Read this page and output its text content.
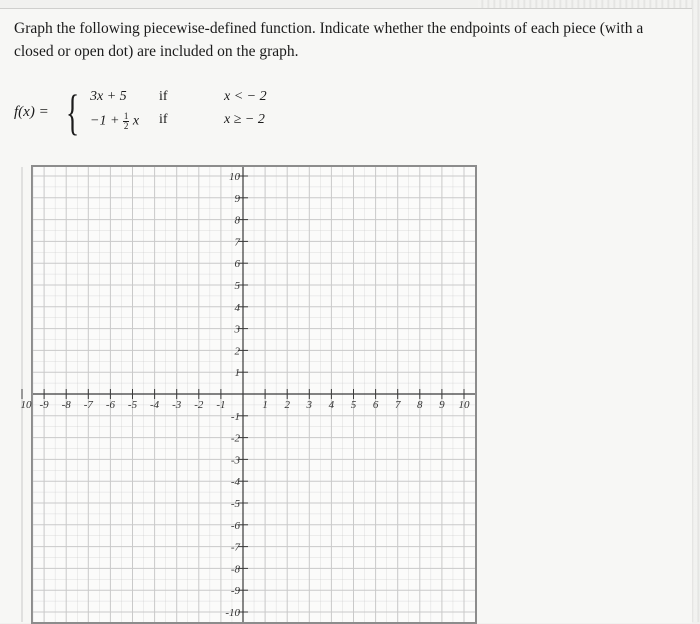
Graph the following piecewise-defined function. Indicate whether the endpoints of each piece (with a closed or open dot) are included on the graph.
f(x) = { 3x + 5 if	x < − 2
$-1 + \frac{1}{2}$ x if	x ≥ − 2
10 -9 -8 -7 -6 -5 -4 -3 -2 -1	1 2 3 4 5 6 7 8 9 10
10
9
8
7
6
5
4
3
2
1
-1
-2
-3
-4
-5
-6
-7
-8
-9
-10
